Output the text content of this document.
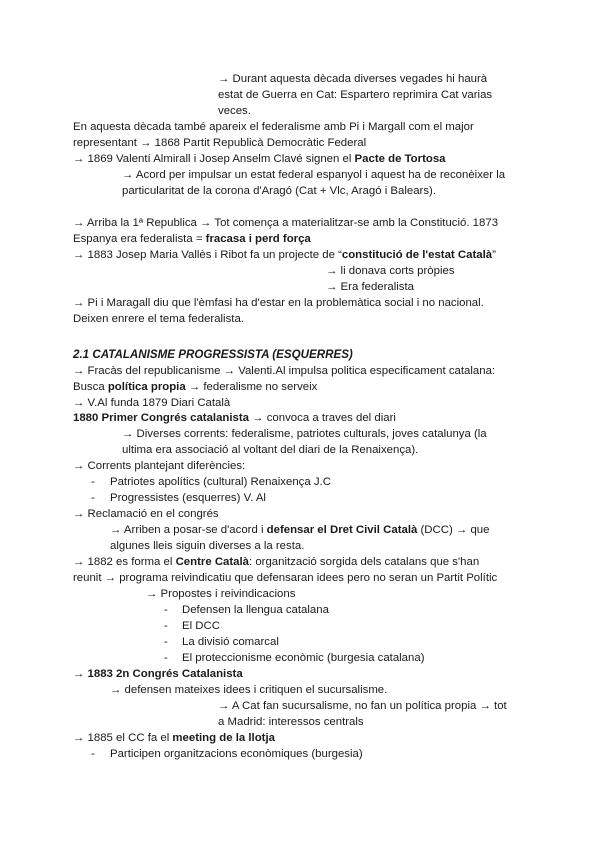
→ Durant aquesta dècada diverses vegades hi haurà
estat de Guerra en Cat: Espartero reprimira Cat varias
veces.
En aquesta dècada també apareix el federalisme amb Pi i Margall com el major
representant → 1868 Partit Republicà Democràtic Federal
→ 1869 Valentí Almirall i Josep Anselm Clavé signen el Pacte de Tortosa
→ Acord per impulsar un estat federal espanyol i aquest ha de reconèixer la
particularitat de la corona d'Aragó (Cat + Vlc, Aragó i Balears).
→ Arriba la 1ª Republica → Tot comença a materialitzar-se amb la Constitució. 1873
Espanya era federalista = fracasa i perd força
→ 1883 Josep Maria Vallès i Ribot fa un projecte de “constitució de l'estat Català”
→ li donava corts pròpies
→ Era federalista
→ Pi i Maragall diu que l'èmfasi ha d'estar en la problemàtica social i no nacional.
Deixen enrere el tema federalista.
2.1 CATALANISME PROGRESSISTA (ESQUERRES)
→ Fracàs del republicanisme → Valenti.Al impulsa politica especificament catalana:
Busca política propia → federalisme no serveix
→ V.Al funda 1879 Diari Català
1880 Primer Congrés catalanista → convoca a traves del diari
→ Diverses corrents: federalisme, patriotes culturals, joves catalunya (la
ultima era associació al voltant del diari de la Renaixença).
→ Corrents plantejant diferències:
- Patriotes apolítics (cultural) Renaixença J.C
- Progressistes (esquerres) V. Al
→ Reclamació en el congrés
→ Arriben a posar-se d'acord i defensar el Dret Civil Català (DCC) → que
algunes lleis siguin diverses a la resta.
→ 1882 es forma el Centre Català: organització sorgida dels catalans que s'han
reunit → programa reivindicatiu que defensaran idees pero no seran un Partit Polític
→ Propostes i reivindicacions
- Defensen la llengua catalana
- El DCC
- La divisió comarcal
- El proteccionisme econòmic (burgesia catalana)
→ 1883 2n Congrés Catalanista
→ defensen mateixes idees i critiquen el sucursalisme.
→ A Cat fan sucursalisme, no fan un política propia → tot
a Madrid: interessos centrals
→ 1885 el CC fa el meeting de la llotja
- Participen organitzacions econòmiques (burgesia)
